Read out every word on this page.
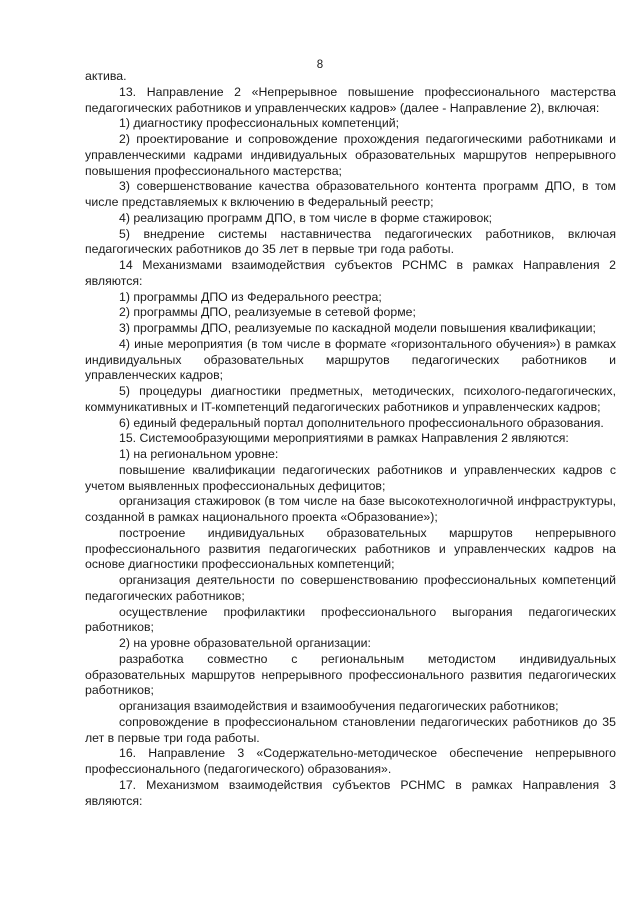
8

актива.

13. Направление 2 «Непрерывное повышение профессионального мастерства педагогических работников и управленческих кадров» (далее - Направление 2), включая:

1) диагностику профессиональных компетенций;

2) проектирование и сопровождение прохождения педагогическими работниками и управленческими кадрами индивидуальных образовательных маршрутов непрерывного повышения профессионального мастерства;

3) совершенствование качества образовательного контента программ ДПО, в том числе представляемых к включению в Федеральный реестр;

4) реализацию программ ДПО, в том числе в форме стажировок;

5) внедрение системы наставничества педагогических работников, включая педагогических работников до 35 лет в первые три года работы.

14 Механизмами взаимодействия субъектов РСНМС в рамках Направления 2 являются:

1) программы ДПО из Федерального реестра;

2) программы ДПО, реализуемые в сетевой форме;

3) программы ДПО, реализуемые по каскадной модели повышения квалификации;

4) иные мероприятия (в том числе в формате «горизонтального обучения») в рамках индивидуальных образовательных маршрутов педагогических работников и управленческих кадров;

5) процедуры диагностики предметных, методических, психолого-педагогических, коммуникативных и IT-компетенций педагогических работников и управленческих кадров;

6) единый федеральный портал дополнительного профессионального образования.

15. Системообразующими мероприятиями в рамках Направления 2 являются:

1) на региональном уровне:

повышение квалификации педагогических работников и управленческих кадров с учетом выявленных профессиональных дефицитов;

организация стажировок (в том числе на базе высокотехнологичной инфраструктуры, созданной в рамках национального проекта «Образование»);

построение индивидуальных образовательных маршрутов непрерывного профессионального развития педагогических работников и управленческих кадров на основе диагностики профессиональных компетенций;

организация деятельности по совершенствованию профессиональных компетенций педагогических работников;

осуществление профилактики профессионального выгорания педагогических работников;

2) на уровне образовательной организации:

разработка совместно с региональным методистом индивидуальных образовательных маршрутов непрерывного профессионального развития педагогических работников;

организация взаимодействия и взаимообучения педагогических работников;

сопровождение в профессиональном становлении педагогических работников до 35 лет в первые три года работы.

16. Направление 3 «Содержательно-методическое обеспечение непрерывного профессионального (педагогического) образования».

17. Механизмом взаимодействия субъектов РСНМС в рамках Направления 3 являются:
